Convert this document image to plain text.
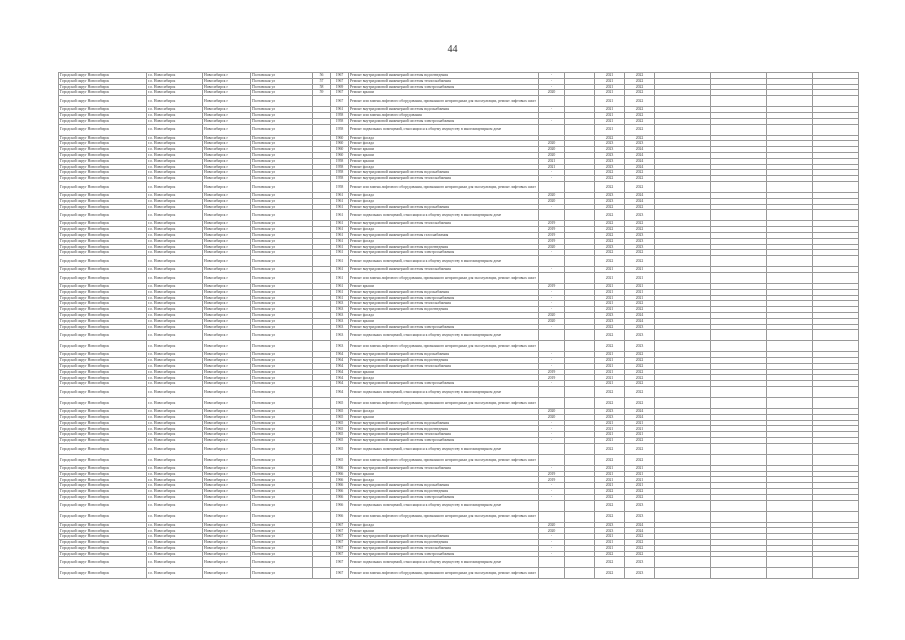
44
Городской округ Новосибирск	г.о. Новосибирск	Новосибирск г	Полтавская ул	56	1967	Ремонт внутридомовой инженерной системы водоотведения	-		2021	2022				
Городской округ Новосибирск	г.о. Новосибирск	Новосибирск г	Полтавская ул	57	1967	Ремонт внутридомовой инженерной системы теплоснабжения	-		2021	2022				
Городской округ Новосибирск	г.о. Новосибирск	Новосибирск г	Полтавская ул	58	1969	Ремонт внутридомовой инженерной системы электроснабжения	-		2021	2022				
Городской округ Новосибирск	г.о. Новосибирск	Новосибирск г	Полтавская ул	59	1967	Ремонт крыши	2020		2021	2022				
Городской округ Новосибирск	г.о. Новосибирск	Новосибирск г	Полтавская ул		1967	Ремонт или замена лифтового оборудования, признанного непригодным для эксплуатации, ремонт лифтовых шахт			2021	2022				
Городской округ Новосибирск	г.о. Новосибирск	Новосибирск г	Полтавская ул		1961	Ремонт внутридомовой инженерной системы водоснабжения	-		2021	2022				
Городской округ Новосибирск	г.о. Новосибирск	Новосибирск г	Полтавская ул		1958	Ремонт или замена лифтового оборудования			2021	2022				
Городской округ Новосибирск	г.о. Новосибирск	Новосибирск г	Полтавская ул		1958	Ремонт внутридомовой инженерной системы электроснабжения	-		2021	2022				
Городской округ Новосибирск	г.о. Новосибирск	Новосибирск г	Полтавская ул		1958	Ремонт подвальных помещений, относящихся к общему имуществу в многоквартирном доме			2021	2022				
Городской округ Новосибирск	г.о. Новосибирск	Новосибирск г	Полтавская ул		1960	Ремонт фасада			2022	2022				
Городской округ Новосибирск	г.о. Новосибирск	Новосибирск г	Полтавская ул		1960	Ремонт фасада	2020		2023	2023				
Городской округ Новосибирск	г.о. Новосибирск	Новосибирск г	Полтавская ул		1960	Ремонт крыши	2020		2023	2024				
Городской округ Новосибирск	г.о. Новосибирск	Новосибирск г	Полтавская ул		1960	Ремонт крыши	2020		2023	2024				
Городской округ Новосибирск	г.о. Новосибирск	Новосибирск г	Полтавская ул		1958	Ремонт крыши	2021		2023	2024				
Городской округ Новосибирск	г.о. Новосибирск	Новосибирск г	Полтавская ул		1958	Ремонт фасада	2021		2023	2024				
Городской округ Новосибирск	г.о. Новосибирск	Новосибирск г	Полтавская ул		1958	Ремонт внутридомовой инженерной системы водоснабжения	-		2022	2022				
Городской округ Новосибирск	г.о. Новосибирск	Новосибирск г	Полтавская ул		1958	Ремонт внутридомовой инженерной системы теплоснабжения	-		2022	2022				
Городской округ Новосибирск	г.о. Новосибирск	Новосибирск г	Полтавская ул		1958	Ремонт или замена лифтового оборудования, признанного непригодным для эксплуатации, ремонт лифтовых шахт			2022	2022				
Городской округ Новосибирск	г.о. Новосибирск	Новосибирск г	Полтавская ул		1961	Ремонт фасада	2020		2023	2024				
Городской округ Новосибирск	г.о. Новосибирск	Новосибирск г	Полтавская ул		1961	Ремонт фасада	2020		2023	2024				
Городской округ Новосибирск	г.о. Новосибирск	Новосибирск г	Полтавская ул		1961	Ремонт внутридомовой инженерной системы водоснабжения	-		2022	2022				
Городской округ Новосибирск	г.о. Новосибирск	Новосибирск г	Полтавская ул		1961	Ремонт подвальных помещений, относящихся к общему имуществу в многоквартирном доме			2022	2023				
Городской округ Новосибирск	г.о. Новосибирск	Новосибирск г	Полтавская ул		1961	Ремонт внутридомовой инженерной системы теплоснабжения	2019		2022	2022				
Городской округ Новосибирск	г.о. Новосибирск	Новосибирск г	Полтавская ул		1961	Ремонт фасада	2019		2022	2022				
Городской округ Новосибирск	г.о. Новосибирск	Новосибирск г	Полтавская ул		1961	Ремонт внутридомовой инженерной системы газоснабжения	2019		2022	2023				
Городской округ Новосибирск	г.о. Новосибирск	Новосибирск г	Полтавская ул		1961	Ремонт фасада	2019		2022	2023				
Городской округ Новосибирск	г.о. Новосибирск	Новосибирск г	Полтавская ул		1961	Ремонт внутридомовой инженерной системы водоотведения	2020		2023	2023				
Городской округ Новосибирск	г.о. Новосибирск	Новосибирск г	Полтавская ул		1961	Ремонт внутридомовой инженерной системы электроснабжения	-		2022	2022				
Городской округ Новосибирск	г.о. Новосибирск	Новосибирск г	Полтавская ул		1961	Ремонт подвальных помещений, относящихся к общему имуществу в многоквартирном доме			2022	2022				
Городской округ Новосибирск	г.о. Новосибирск	Новосибирск г	Полтавская ул		1961	Ремонт внутридомовой инженерной системы теплоснабжения	-		2021	2021				
Городской округ Новосибирск	г.о. Новосибирск	Новосибирск г	Полтавская ул		1961	Ремонт или замена лифтового оборудования, признанного непригодным для эксплуатации, ремонт лифтовых шахт			2021	2021				
Городской округ Новосибирск	г.о. Новосибирск	Новосибирск г	Полтавская ул		1961	Ремонт крыши	2019		2021	2021				
Городской округ Новосибирск	г.о. Новосибирск	Новосибирск г	Полтавская ул		1961	Ремонт внутридомовой инженерной системы водоснабжения	-		2021	2021				
Городской округ Новосибирск	г.о. Новосибирск	Новосибирск г	Полтавская ул		1961	Ремонт внутридомовой инженерной системы электроснабжения	-		2021	2021				
Городской округ Новосибирск	г.о. Новосибирск	Новосибирск г	Полтавская ул		1963	Ремонт внутридомовой инженерной системы теплоснабжения	-		2021	2022				
Городской округ Новосибирск	г.о. Новосибирск	Новосибирск г	Полтавская ул		1963	Ремонт внутридомовой инженерной системы водоотведения	-		2021	2022				
Городской округ Новосибирск	г.о. Новосибирск	Новосибирск г	Полтавская ул		1963	Ремонт фасада	2020		2023	2024				
Городской округ Новосибирск	г.о. Новосибирск	Новосибирск г	Полтавская ул		1963	Ремонт крыши	2020		2023	2024				
Городской округ Новосибирск	г.о. Новосибирск	Новосибирск г	Полтавская ул		1963	Ремонт внутридомовой инженерной системы электроснабжения	-		2022	2023				
Городской округ Новосибирск	г.о. Новосибирск	Новосибирск г	Полтавская ул		1963	Ремонт подвальных помещений, относящихся к общему имуществу в многоквартирном доме			2022	2023				
Городской округ Новосибирск	г.о. Новосибирск	Новосибирск г	Полтавская ул		1963	Ремонт или замена лифтового оборудования, признанного непригодным для эксплуатации, ремонт лифтовых шахт			2022	2023				
Городской округ Новосибирск	г.о. Новосибирск	Новосибирск г	Полтавская ул		1964	Ремонт внутридомовой инженерной системы водоснабжения	-		2021	2022				
Городской округ Новосибирск	г.о. Новосибирск	Новосибирск г	Полтавская ул		1964	Ремонт внутридомовой инженерной системы водоотведения	-		2021	2022				
Городской округ Новосибирск	г.о. Новосибирск	Новосибирск г	Полтавская ул		1964	Ремонт внутридомовой инженерной системы теплоснабжения	-		2021	2022				
Городской округ Новосибирск	г.о. Новосибирск	Новосибирск г	Полтавская ул		1964	Ремонт крыши	2019		2021	2022				
Городской округ Новосибирск	г.о. Новосибирск	Новосибирск г	Полтавская ул		1964	Ремонт фасада	2019		2021	2022				
Городской округ Новосибирск	г.о. Новосибирск	Новосибирск г	Полтавская ул		1964	Ремонт внутридомовой инженерной системы электроснабжения	-		2021	2022				
Городской округ Новосибирск	г.о. Новосибирск	Новосибирск г	Полтавская ул		1964	Ремонт подвальных помещений, относящихся к общему имуществу в многоквартирном доме			2022	2022				
Городской округ Новосибирск	г.о. Новосибирск	Новосибирск г	Полтавская ул		1965	Ремонт или замена лифтового оборудования, признанного непригодным для эксплуатации, ремонт лифтовых шахт			2022	2022				
Городской округ Новосибирск	г.о. Новосибирск	Новосибирск г	Полтавская ул		1965	Ремонт фасада	2020		2023	2024				
Городской округ Новосибирск	г.о. Новосибирск	Новосибирск г	Полтавская ул		1965	Ремонт крыши	2020		2023	2024				
Городской округ Новосибирск	г.о. Новосибирск	Новосибирск г	Полтавская ул		1965	Ремонт внутридомовой инженерной системы водоснабжения	-		2021	2021				
Городской округ Новосибирск	г.о. Новосибирск	Новосибирск г	Полтавская ул		1965	Ремонт внутридомовой инженерной системы водоотведения	-		2021	2021				
Городской округ Новосибирск	г.о. Новосибирск	Новосибирск г	Полтавская ул		1965	Ремонт внутридомовой инженерной системы теплоснабжения	-		2021	2021				
Городской округ Новосибирск	г.о. Новосибирск	Новосибирск г	Полтавская ул		1965	Ремонт внутридомовой инженерной системы электроснабжения	-		2021	2022				
Городской округ Новосибирск	г.о. Новосибирск	Новосибирск г	Полтавская ул		1965	Ремонт подвальных помещений, относящихся к общему имуществу в многоквартирном доме			2022	2022				
Городской округ Новосибирск	г.о. Новосибирск	Новосибирск г	Полтавская ул		1965	Ремонт или замена лифтового оборудования, признанного непригодным для эксплуатации, ремонт лифтовых шахт			2022	2022				
Городской округ Новосибирск	г.о. Новосибирск	Новосибирск г	Полтавская ул		1966	Ремонт внутридомовой инженерной системы теплоснабжения	-		2021	2021				
Городской округ Новосибирск	г.о. Новосибирск	Новосибирск г	Полтавская ул		1966	Ремонт крыши	2019		2021	2021				
Городской округ Новосибирск	г.о. Новосибирск	Новосибирск г	Полтавская ул		1966	Ремонт фасада	2019		2021	2021				
Городской округ Новосибирск	г.о. Новосибирск	Новосибирск г	Полтавская ул		1966	Ремонт внутридомовой инженерной системы водоснабжения	-		2021	2021				
Городской округ Новосибирск	г.о. Новосибирск	Новосибирск г	Полтавская ул		1966	Ремонт внутридомовой инженерной системы водоотведения	-		2022	2022				
Городской округ Новосибирск	г.о. Новосибирск	Новосибирск г	Полтавская ул		1966	Ремонт внутридомовой инженерной системы электроснабжения	-		2022	2022				
Городской округ Новосибирск	г.о. Новосибирск	Новосибирск г	Полтавская ул		1966	Ремонт подвальных помещений, относящихся к общему имуществу в многоквартирном доме			2022	2023				
Городской округ Новосибирск	г.о. Новосибирск	Новосибирск г	Полтавская ул		1966	Ремонт или замена лифтового оборудования, признанного непригодным для эксплуатации, ремонт лифтовых шахт			2022	2023				
Городской округ Новосибирск	г.о. Новосибирск	Новосибирск г	Полтавская ул		1967	Ремонт фасада	2020		2023	2024				
Городской округ Новосибирск	г.о. Новосибирск	Новосибирск г	Полтавская ул		1967	Ремонт крыши	2020		2023	2024				
Городской округ Новосибирск	г.о. Новосибирск	Новосибирск г	Полтавская ул		1967	Ремонт внутридомовой инженерной системы водоснабжения	-		2021	2022				
Городской округ Новосибирск	г.о. Новосибирск	Новосибирск г	Полтавская ул		1967	Ремонт внутридомовой инженерной системы водоотведения	-		2021	2022				
Городской округ Новосибирск	г.о. Новосибирск	Новосибирск г	Полтавская ул		1967	Ремонт внутридомовой инженерной системы теплоснабжения	-		2021	2022				
Городской округ Новосибирск	г.о. Новосибирск	Новосибирск г	Полтавская ул		1967	Ремонт внутридомовой инженерной системы электроснабжения	-		2022	2022				
Городской округ Новосибирск	г.о. Новосибирск	Новосибирск г	Полтавская ул		1967	Ремонт подвальных помещений, относящихся к общему имуществу в многоквартирном доме			2022	2023				
Городской округ Новосибирск	г.о. Новосибирск	Новосибирск г	Полтавская ул		1967	Ремонт или замена лифтового оборудования, признанного непригодным для эксплуатации, ремонт лифтовых шахт			2022	2023				
